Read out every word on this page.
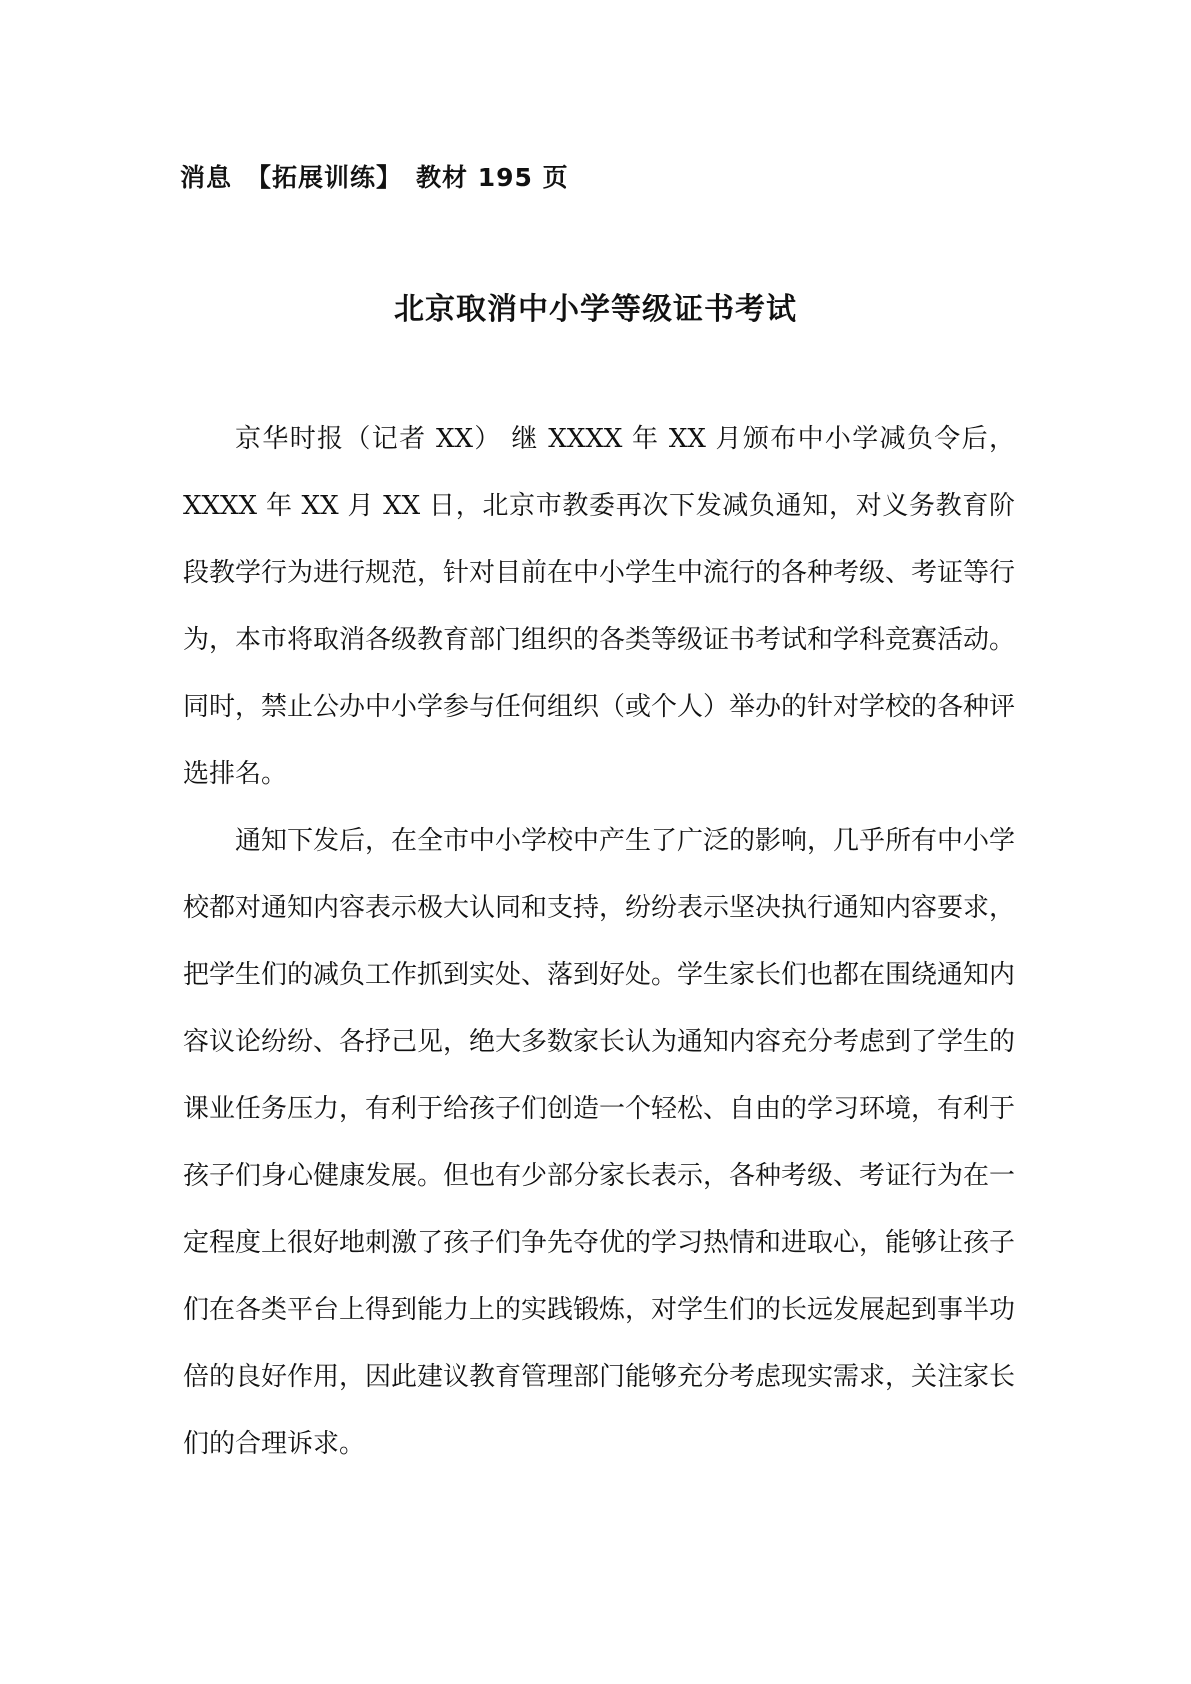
消息 【拓展训练】 教材 195 页
北京取消中小学等级证书考试

京华时报（记者 XX） 继 XXXX 年 XX 月颁布中小学减负令后，XXXX 年 XX 月 XX 日，北京市教委再次下发减负通知，对义务教育阶段教学行为进行规范，针对目前在中小学生中流行的各种考级、考证等行为，本市将取消各级教育部门组织的各类等级证书考试和学科竞赛活动。同时，禁止公办中小学参与任何组织（或个人）举办的针对学校的各种评选排名。

通知下发后，在全市中小学校中产生了广泛的影响，几乎所有中小学校都对通知内容表示极大认同和支持，纷纷表示坚决执行通知内容要求，把学生们的减负工作抓到实处、落到好处。学生家长们也都在围绕通知内容议论纷纷、各抒己见，绝大多数家长认为通知内容充分考虑到了学生的课业任务压力，有利于给孩子们创造一个轻松、自由的学习环境，有利于孩子们身心健康发展。但也有少部分家长表示，各种考级、考证行为在一定程度上很好地刺激了孩子们争先夺优的学习热情和进取心，能够让孩子们在各类平台上得到能力上的实践锻炼，对学生们的长远发展起到事半功倍的良好作用，因此建议教育管理部门能够充分考虑现实需求，关注家长们的合理诉求。
